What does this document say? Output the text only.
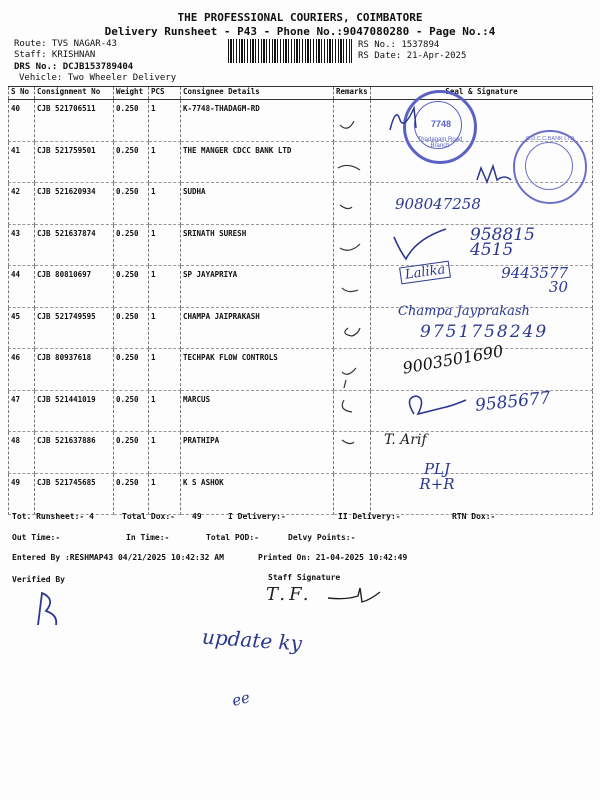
THE PROFESSIONAL COURIERS, COIMBATORE
Delivery Runsheet - P43 - Phone No.:9047080280 - Page No.:4
Route: TVS NAGAR-43
Staff: KRISHNAN
DRS No.: DCJB153789404
Vehicle: Two Wheeler Delivery
RS No.: 1537894
RS Date: 21-Apr-2025
S No	Consignment No	Weight	PCS	Consignee Details	Remarks	Seal & Signature
40	CJB 521706511	0.250	1	K-7748-THADAGM-RD		
41	CJB 521759501	0.250	1	THE MANGER CDCC BANK LTD		
42	CJB 521620934	0.250	1	SUDHA		
43	CJB 521637874	0.250	1	SRINATH SURESH		
44	CJB 80810697	0.250	1	SP JAYAPRIYA		
45	CJB 521749595	0.250	1	CHAMPA JAIPRAKASH		
46	CJB 80937618	0.250	1	TECHPAK FLOW CONTROLS		
47	CJB 521441019	0.250	1	MARCUS		
48	CJB 521637886	0.250	1	PRATHIPA		
49	CJB 521745685	0.250	1	K S ASHOK		
Tot. Runsheet:- 4	Total Dox:- 49	I Delivery:-	II Delivery:-	RTN Dox:-
Out Time:-	In Time:-	Total POD:-	Delvy Points:-
Entered By :RESHMAP43 04/21/2025 10:42:32 AM	Printed On: 21-04-2025 10:42:49
Verified By	Staff Signature
Thadagam Road Branch
7748
C.D.C.C.BANK LTD
908047258
958815 4515
Lalika	9443577 30
Champa Jayprakash
9751758249
9003501690
9585677
T. Arif
PLJ R+R
T.F.
update ky
ee
